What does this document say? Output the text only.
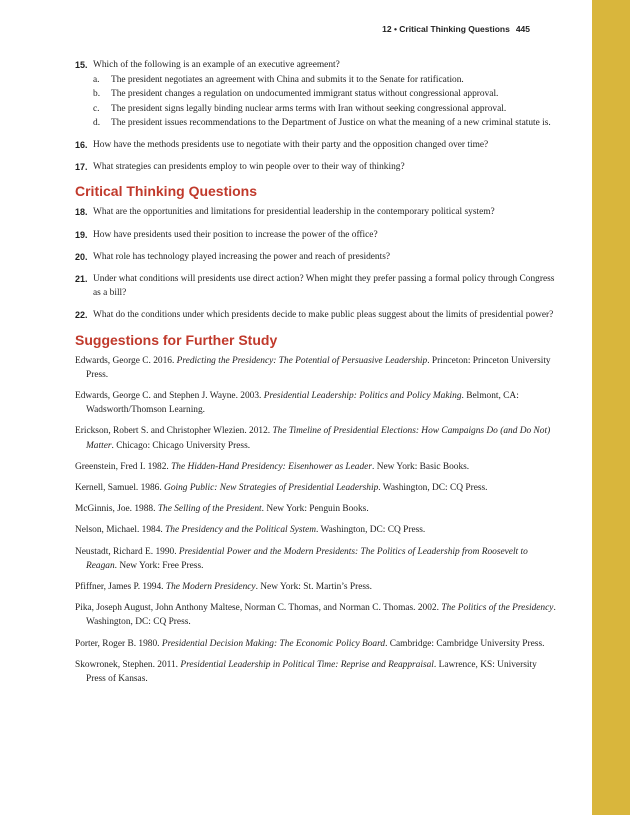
12 • Critical Thinking Questions 445
15. Which of the following is an example of an executive agreement?
a.	The president negotiates an agreement with China and submits it to the Senate for ratification.
b.	The president changes a regulation on undocumented immigrant status without congressional approval.
c.	The president signs legally binding nuclear arms terms with Iran without seeking congressional approval.
d.	The president issues recommendations to the Department of Justice on what the meaning of a new criminal statute is.
16. How have the methods presidents use to negotiate with their party and the opposition changed over time?
17. What strategies can presidents employ to win people over to their way of thinking?
Critical Thinking Questions
18. What are the opportunities and limitations for presidential leadership in the contemporary political system?
19. How have presidents used their position to increase the power of the office?
20. What role has technology played increasing the power and reach of presidents?
21. Under what conditions will presidents use direct action? When might they prefer passing a formal policy through Congress as a bill?
22. What do the conditions under which presidents decide to make public pleas suggest about the limits of presidential power?
Suggestions for Further Study
Edwards, George C. 2016. Predicting the Presidency: The Potential of Persuasive Leadership. Princeton: Princeton University Press.
Edwards, George C. and Stephen J. Wayne. 2003. Presidential Leadership: Politics and Policy Making. Belmont, CA: Wadsworth/Thomson Learning.
Erickson, Robert S. and Christopher Wlezien. 2012. The Timeline of Presidential Elections: How Campaigns Do (and Do Not) Matter. Chicago: Chicago University Press.
Greenstein, Fred I. 1982. The Hidden-Hand Presidency: Eisenhower as Leader. New York: Basic Books.
Kernell, Samuel. 1986. Going Public: New Strategies of Presidential Leadership. Washington, DC: CQ Press.
McGinnis, Joe. 1988. The Selling of the President. New York: Penguin Books.
Nelson, Michael. 1984. The Presidency and the Political System. Washington, DC: CQ Press.
Neustadt, Richard E. 1990. Presidential Power and the Modern Presidents: The Politics of Leadership from Roosevelt to Reagan. New York: Free Press.
Pfiffner, James P. 1994. The Modern Presidency. New York: St. Martin’s Press.
Pika, Joseph August, John Anthony Maltese, Norman C. Thomas, and Norman C. Thomas. 2002. The Politics of the Presidency. Washington, DC: CQ Press.
Porter, Roger B. 1980. Presidential Decision Making: The Economic Policy Board. Cambridge: Cambridge University Press.
Skowronek, Stephen. 2011. Presidential Leadership in Political Time: Reprise and Reappraisal. Lawrence, KS: University Press of Kansas.
